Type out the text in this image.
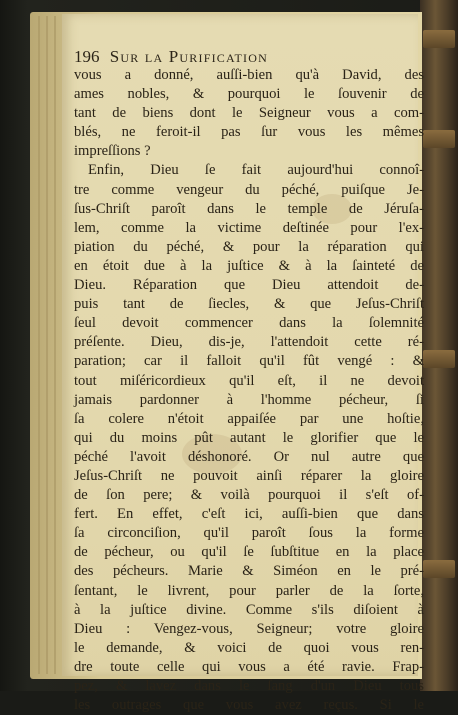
196 Sur la Purification
vous a donné, auſſi-bien qu'à David, des
ames nobles, & pourquoi le ſouvenir de
tant de biens dont le Seigneur vous a com-
blés, ne feroit-il pas ſur vous les mêmes
impreſſions ?
Enfin, Dieu ſe fait aujourd'hui connoî-
tre comme vengeur du péché, puiſque Je-
ſus-Chriſt paroît dans le temple de Jéruſa-
lem, comme la victime deſtinée pour l'ex-
piation du péché, & pour la réparation qui
en étoit due à la juſtice & à la ſainteté de
Dieu. Réparation que Dieu attendoit de-
puis tant de ſiecles, & que Jeſus-Chriſt
ſeul devoit commencer dans la ſolemnité
préſente. Dieu, dis-je, l'attendoit cette ré-
paration; car il falloit qu'il fût vengé : &
tout miſéricordieux qu'il eſt, il ne devoit
jamais pardonner à l'homme pécheur, ſi
ſa colere n'étoit appaiſée par une hoſtie,
qui du moins pût autant le glorifier que le
péché l'avoit déshonoré. Or nul autre que
Jeſus-Chriſt ne pouvoit ainſi réparer la gloire
de ſon pere; & voilà pourquoi il s'eſt of-
fert. En effet, c'eſt ici, auſſi-bien que dans
ſa circonciſion, qu'il paroît ſous la forme
de pécheur, ou qu'il ſe ſubſtitue en la place
des pécheurs. Marie & Siméon en le pré-
ſentant, le livrent, pour parler de la ſorte,
à la juſtice divine. Comme s'ils diſoient à
Dieu : Vengez-vous, Seigneur; votre gloire
le demande, & voici de quoi vous ren-
dre toute celle qui vous a été ravie. Frap-
pez, & lavez dans le ſang d'un Dieu tous
les outrages que vous avez reçus. Si le
